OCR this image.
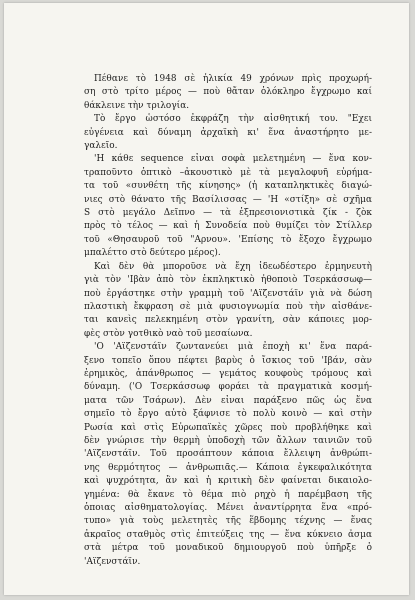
Πέθανε τὸ 1948 σὲ ἡλικία 49 χρόνων πρὶς προχωρή-
ση στὸ τρίτο μέρος — ποὺ θἄταν ὁλόκληρο ἔγχρωμο καί
θάκλεινε τὴν τριλογία.
Τὸ ἔργο ὡστόσο ἐκφράζη τὴν αἰσθητική του. "Εχει
εὐγένεια καὶ δύναμη ἀρχαϊκὴ κι' ἕνα ἀναστήρητο με-
γαλεῖο.
'Η κάθε sequence εἶναι σοφὰ μελετημένη — ἕνα κον-
τραποῦντο ὀπτικὸ –ἀκουστικὸ μὲ τὰ μεγαλοφυῆ εὑρήμα-
τα τοῦ «συνθέτη τῆς κίνησης» (ἡ καταπληκτικὲς διαγώ-
νιες στὸ θάνατο τῆς Βασίλισσας — 'Η «στίξη» σὲ σχῆμα
S στὸ μεγάλο Δεῖπνο — τὰ ἐξπρεσιονιστικὰ ζίκ - ζὸκ
πρὸς τὸ τέλος — καὶ ἡ Συνοδεία ποὺ θυμίζει τὸν Στίλλερ
τοῦ «Θησαυροῦ τοῦ "Αρνου». 'Επίσης τὸ ἔξοχο ἔγχρωμο
μπαλέττο στὸ δεύτερο μέρος).
Καὶ δὲν θὰ μποροῦσε νὰ ἔχη ἰδεωδέστερο ἑρμηνευτὴ
γιὰ τὸν 'Ιβὰν ἀπὸ τὸν ἐκπληκτικὸ ἠθοποιὸ Τσερκάσσωφ—
ποὺ ἐργάστηκε στὴν γραμμὴ τοῦ 'Αϊζενστάϊν γιὰ νὰ δώση
πλαστικὴ ἔκφραση σὲ μιὰ φυσιογνωμία ποὺ τὴν αἰσθάνε-
ται κανεὶς πελεκημένη στὸν γρανίτη, σὰν κάποιες μορ-
φὲς στὸν γοτθικὸ ναὸ τοῦ μεσαίωνα.
'Ο 'Αϊζενστάϊν ζωντανεύει μιὰ ἐποχὴ κι' ἕνα παρά-
ξενο τοπεῖο ὅπου πέφτει βαρὺς ὁ ἴσκιος τοῦ 'Ιβάν, σὰν
ἐρημικὸς, ἀπάνθρωπος — γεμάτος κουφοὺς τρόμους καὶ
δύναμη. ('Ο Τσερκάσσωφ φοράει τὰ πραγματικὰ κοσμή-
ματα τῶν Τσάρων). Δὲν εἶναι παράξενο πῶς ὡς ἕνα
σημεῖο τὸ ἔργο αὐτὸ ξάφνισε τὸ πολὺ κοινὸ — καὶ στὴν
Ρωσία καὶ στὶς Εὐρωπαϊκὲς χῶρες ποὺ προβλήθηκε καὶ
δὲν γνώρισε τὴν θερμὴ ὑποδοχὴ τῶν ἄλλων ταινιῶν τοῦ
'Αϊζενστάϊν. Τοῦ προσάπτουν κάποια ἔλλειψη ἀνθρώπι-
νης θερμότητος — ἀνθρωπιᾶς.— Κάποια ἐγκεφαλικότητα
καὶ ψυχρότητα, ἂν καὶ ἡ κριτικὴ δὲν φαίνεται δικαιολο-
γημένα: θὰ ἔκανε τὸ θέμα πιὸ ρηχὸ ἡ παρέμβαση τῆς
ὁποιας αἰσθηματολογίας. Μένει ἀναντίρρητα ἕνα «πρό-
τυπο» γιὰ τοὺς μελετητὲς τῆς ἕβδομης τέχνης — ἕνας
ἀκραῖος σταθμὸς στὶς ἐπιτεύξεις της — ἕνα κύκνειο ἆσμα
στὰ μέτρα τοῦ μοναδικοῦ δημιουργοῦ ποὺ ὑπῆρξε ὁ
'Αϊζενστάϊν.
